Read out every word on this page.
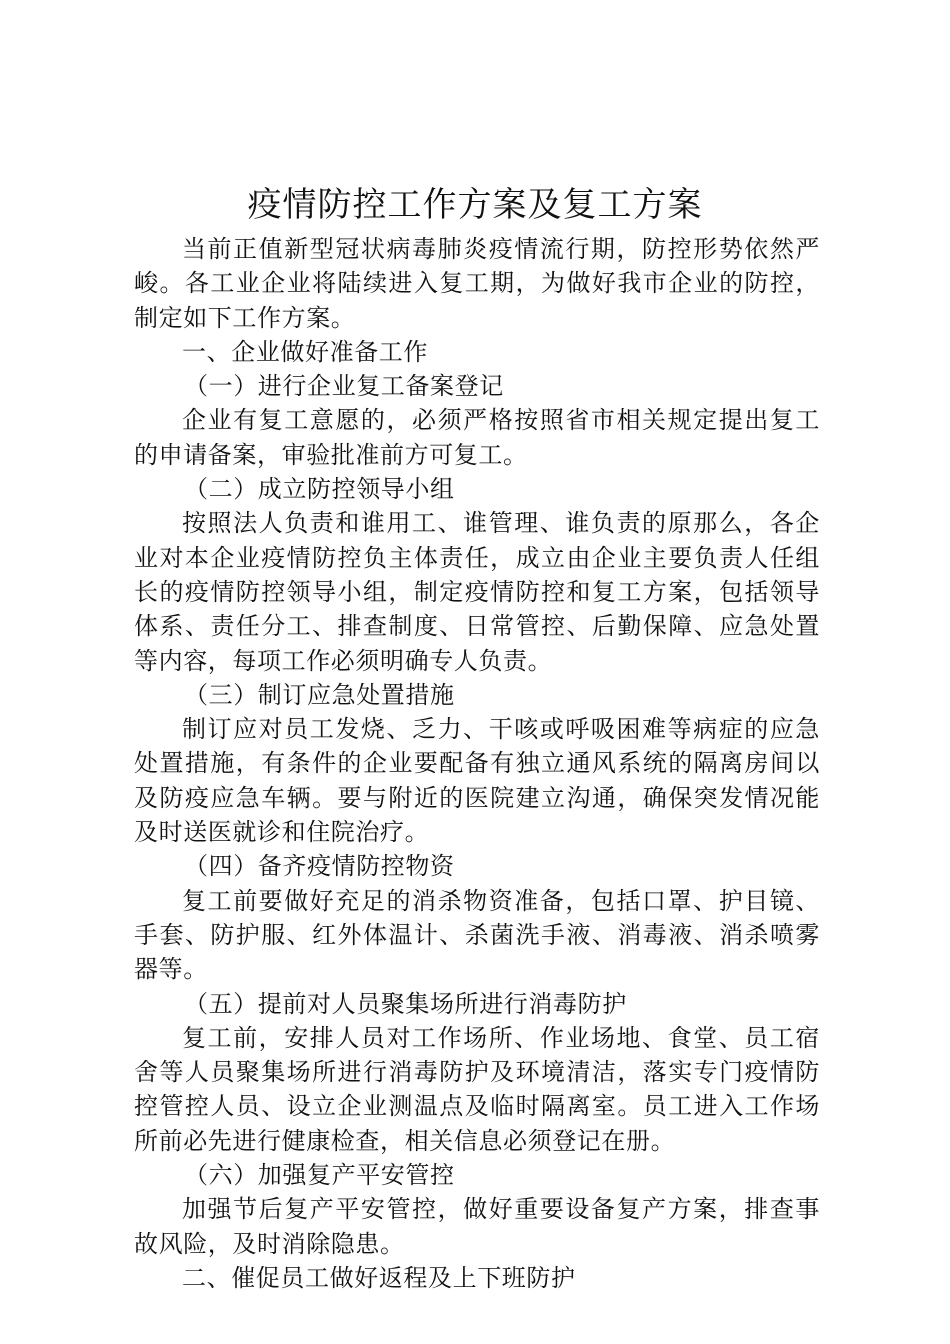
疫情防控工作方案及复工方案

当前正值新型冠状病毒肺炎疫情流行期，防控形势依然严峻。各工业企业将陆续进入复工期，为做好我市企业的防控，制定如下工作方案。

一、企业做好准备工作

（一）进行企业复工备案登记

企业有复工意愿的，必须严格按照省市相关规定提出复工的申请备案，审验批准前方可复工。

（二）成立防控领导小组

按照法人负责和谁用工、谁管理、谁负责的原那么，各企业对本企业疫情防控负主体责任，成立由企业主要负责人任组长的疫情防控领导小组，制定疫情防控和复工方案，包括领导体系、责任分工、排查制度、日常管控、后勤保障、应急处置等内容，每项工作必须明确专人负责。

（三）制订应急处置措施

制订应对员工发烧、乏力、干咳或呼吸困难等病症的应急处置措施，有条件的企业要配备有独立通风系统的隔离房间以及防疫应急车辆。要与附近的医院建立沟通，确保突发情况能及时送医就诊和住院治疗。

（四）备齐疫情防控物资

复工前要做好充足的消杀物资准备，包括口罩、护目镜、手套、防护服、红外体温计、杀菌洗手液、消毒液、消杀喷雾器等。

（五）提前对人员聚集场所进行消毒防护

复工前，安排人员对工作场所、作业场地、食堂、员工宿舍等人员聚集场所进行消毒防护及环境清洁，落实专门疫情防控管控人员、设立企业测温点及临时隔离室。员工进入工作场所前必先进行健康检查，相关信息必须登记在册。

（六）加强复产平安管控

加强节后复产平安管控，做好重要设备复产方案，排查事故风险，及时消除隐患。

二、催促员工做好返程及上下班防护
